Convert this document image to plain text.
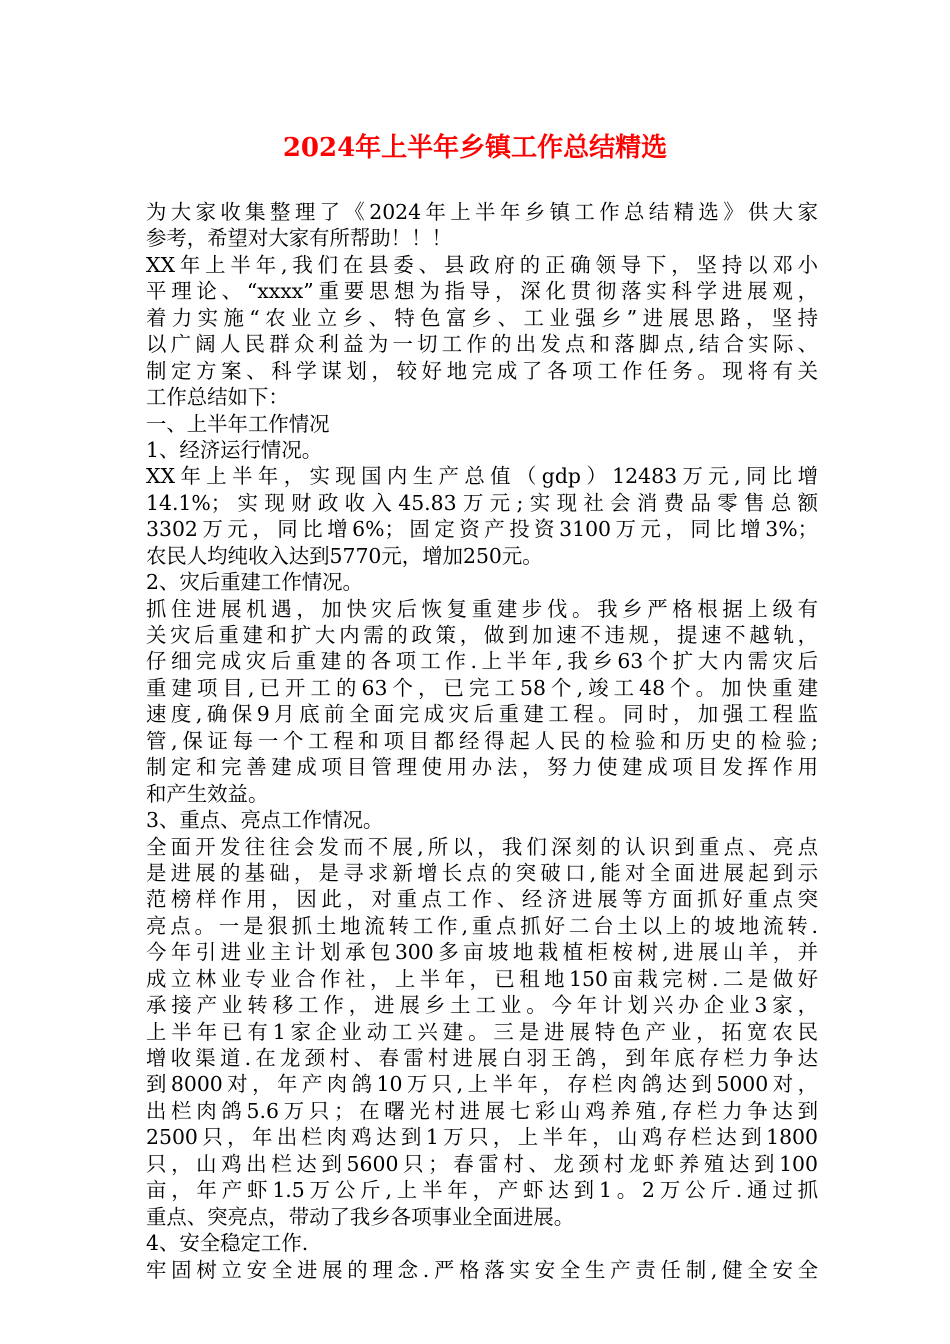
2024年上半年乡镇工作总结精选
为大家收集整理了《2024年上半年乡镇工作总结精选》供大家
参考，希望对大家有所帮助！！！
XX年上半年,我们在县委、县政府的正确领导下，坚持以邓小
平理论、“xxxx”重要思想为指导，深化贯彻落实科学进展观，
着力实施“农业立乡、特色富乡、工业强乡”进展思路，坚持
以广阔人民群众利益为一切工作的出发点和落脚点,结合实际、
制定方案、科学谋划，较好地完成了各项工作任务。现将有关
工作总结如下：
一、上半年工作情况
1、经济运行情况。
XX年上半年，实现国内生产总值（gdp）12483万元,同比增
14.1%；实现财政收入45.83万元;实现社会消费品零售总额
3302万元，同比增6%；固定资产投资3100万元，同比增3%；
农民人均纯收入达到5770元，增加250元。
2、灾后重建工作情况。
抓住进展机遇，加快灾后恢复重建步伐。我乡严格根据上级有
关灾后重建和扩大内需的政策，做到加速不违规，提速不越轨，
仔细完成灾后重建的各项工作.上半年,我乡63个扩大内需灾后
重建项目,已开工的63个，已完工58个,竣工48个。加快重建
速度,确保9月底前全面完成灾后重建工程。同时，加强工程监
管,保证每一个工程和项目都经得起人民的检验和历史的检验;
制定和完善建成项目管理使用办法，努力使建成项目发挥作用
和产生效益。
3、重点、亮点工作情况。
全面开发往往会发而不展,所以，我们深刻的认识到重点、亮点
是进展的基础，是寻求新增长点的突破口,能对全面进展起到示
范榜样作用，因此，对重点工作、经济进展等方面抓好重点突
亮点。一是狠抓土地流转工作,重点抓好二台土以上的坡地流转.
今年引进业主计划承包300多亩坡地栽植柜桉树,进展山羊，并
成立林业专业合作社，上半年，已租地150亩栽完树.二是做好
承接产业转移工作，进展乡土工业。今年计划兴办企业3家，
上半年已有1家企业动工兴建。三是进展特色产业，拓宽农民
增收渠道.在龙颈村、春雷村进展白羽王鸽，到年底存栏力争达
到8000对，年产肉鸽10万只,上半年，存栏肉鸽达到5000对，
出栏肉鸽5.6万只；在曙光村进展七彩山鸡养殖,存栏力争达到
2500只，年出栏肉鸡达到1万只，上半年，山鸡存栏达到1800
只，山鸡出栏达到5600只；春雷村、龙颈村龙虾养殖达到100
亩，年产虾1.5万公斤,上半年，产虾达到1。2万公斤.通过抓
重点、突亮点，带动了我乡各项事业全面进展。
4、安全稳定工作.
牢固树立安全进展的理念.严格落实安全生产责任制,健全安全
